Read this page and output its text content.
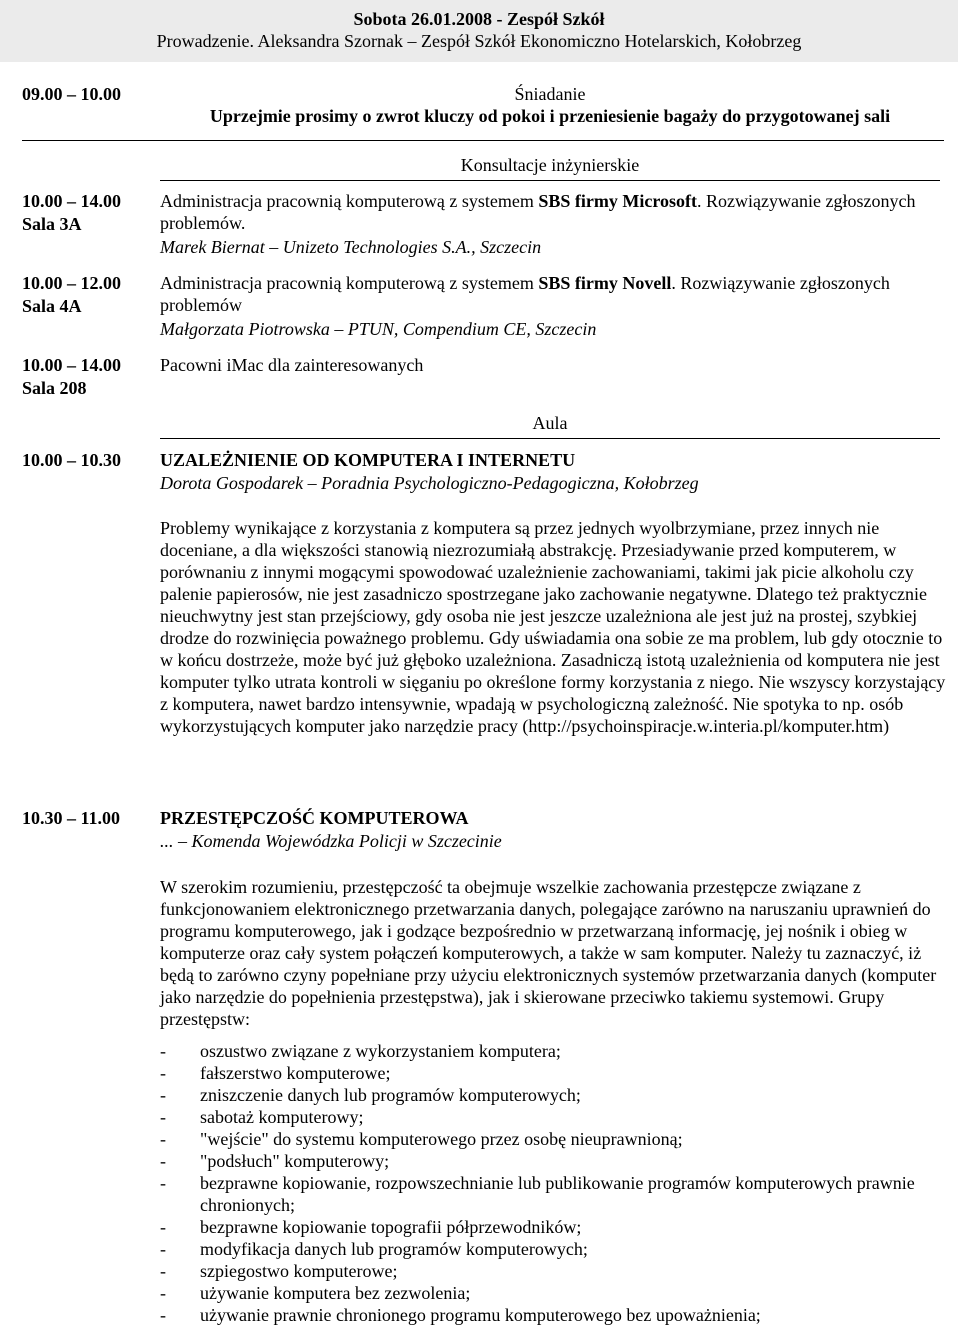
Sobota 26.01.2008 - Zespół Szkół
Prowadzenie. Aleksandra Szornak – Zespół Szkół Ekonomiczno Hotelarskich, Kołobrzeg
09.00 – 10.00	Śniadanie
Uprzejmie prosimy o zwrot kluczy od pokoi i przeniesienie bagaży do przygotowanej sali
Konsultacje inżynierskie
10.00 – 14.00
Sala 3A
Administracja pracownią komputerową z systemem SBS firmy Microsoft. Rozwiązywanie zgłoszonych problemów.
Marek Biernat – Unizeto Technologies S.A., Szczecin
10.00 – 12.00
Sala 4A
Administracja pracownią komputerową z systemem SBS firmy Novell. Rozwiązywanie zgłoszonych problemów
Małgorzata Piotrowska – PTUN, Compendium CE, Szczecin
10.00 – 14.00
Sala 208
Pacowni iMac dla zainteresowanych
Aula
10.00 – 10.30 UZALEŻNIENIE OD KOMPUTERA I INTERNETU
Dorota Gospodarek – Poradnia Psychologiczno-Pedagogiczna, Kołobrzeg
Problemy wynikające z korzystania z komputera są przez jednych wyolbrzymiane, przez innych nie doceniane, a dla większości stanowią niezrozumiałą abstrakcję. Przesiadywanie przed komputerem, w porównaniu z innymi mogącymi spowodować uzależnienie zachowaniami, takimi jak picie alkoholu czy palenie papierosów, nie jest zasadniczo spostrzegane jako zachowanie negatywne. Dlatego też praktycznie nieuchwytny jest stan przejściowy, gdy osoba nie jest jeszcze uzależniona ale jest już na prostej, szybkiej drodze do rozwinięcia poważnego problemu. Gdy uświadamia ona sobie ze ma problem, lub gdy otocznie to w końcu dostrzeże, może być już głęboko uzależniona. Zasadniczą istotą uzależnienia od komputera nie jest komputer tylko utrata kontroli w sięganiu po określone formy korzystania z niego. Nie wszyscy korzystający z komputera, nawet bardzo intensywnie, wpadają w psychologiczną zależność. Nie spotyka to np. osób wykorzystujących komputer jako narzędzie pracy (http://psychoinspiracje.w.interia.pl/komputer.htm)
10.30 – 11.00 PRZESTĘPCZOŚĆ KOMPUTEROWA
... – Komenda Wojewódzka Policji w Szczecinie
W szerokim rozumieniu, przestępczość ta obejmuje wszelkie zachowania przestępcze związane z funkcjonowaniem elektronicznego przetwarzania danych, polegające zarówno na naruszaniu uprawnień do programu komputerowego, jak i godzące bezpośrednio w przetwarzaną informację, jej nośnik i obieg w komputerze oraz cały system połączeń komputerowych, a także w sam komputer. Należy tu zaznaczyć, iż będą to zarówno czyny popełniane przy użyciu elektronicznych systemów przetwarzania danych (komputer jako narzędzie do popełnienia przestępstwa), jak i skierowane przeciwko takiemu systemowi. Grupy przestępstw:
- oszustwo związane z wykorzystaniem komputera;
- fałszerstwo komputerowe;
- zniszczenie danych lub programów komputerowych;
- sabotaż komputerowy;
- "wejście" do systemu komputerowego przez osobę nieuprawnioną;
- "podsłuch" komputerowy;
- bezprawne kopiowanie, rozpowszechnianie lub publikowanie programów komputerowych prawnie chronionych;
- bezprawne kopiowanie topografii półprzewodników;
- modyfikacja danych lub programów komputerowych;
- szpiegostwo komputerowe;
- używanie komputera bez zezwolenia;
- używanie prawnie chronionego programu komputerowego bez upoważnienia;
